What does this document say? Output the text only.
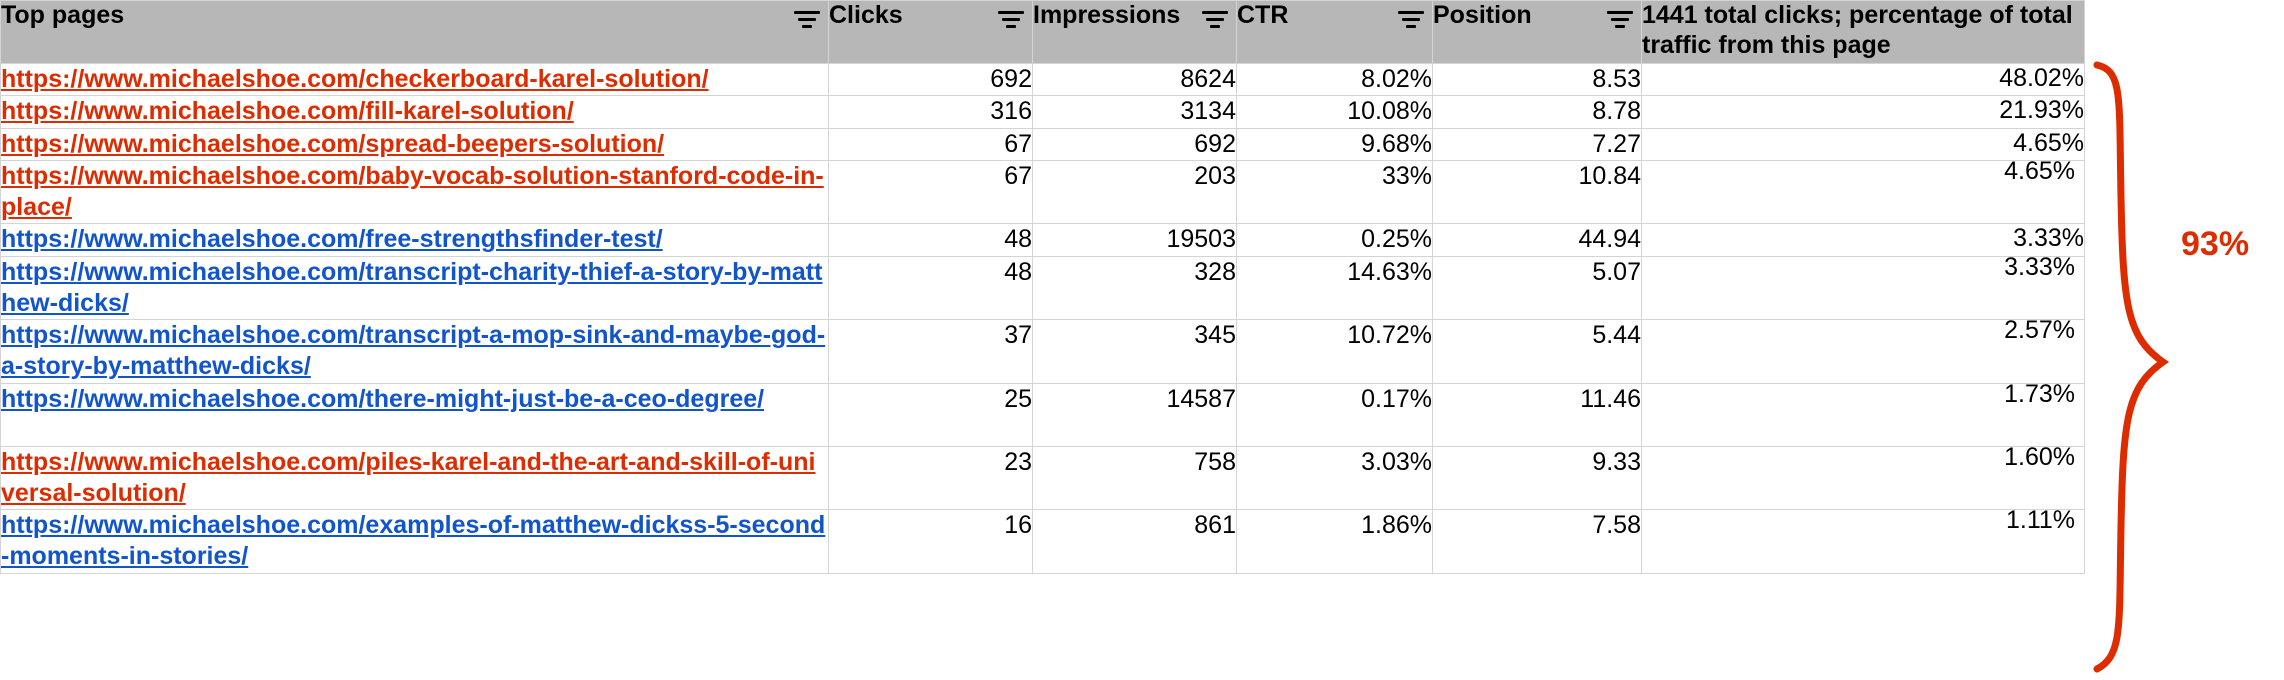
Top pages	Clicks	Impressions	CTR	Position	1441 total clicks; percentage of total traffic from this page
https://www.michaelshoe.com/checkerboard-karel-solution/	692	8624	8.02%	8.53	48.02%

https://www.michaelshoe.com/fill-karel-solution/	316	3134	10.08%	8.78	21.93%

https://www.michaelshoe.com/spread-beepers-solution/	67	692	9.68%	7.27	4.65%

https://www.michaelshoe.com/baby-vocab-solution-stanford-code-in-place/	67	203	33%	10.84	4.65%

https://www.michaelshoe.com/free-strengthsfinder-test/	48	19503	0.25%	44.94	3.33%

https://www.michaelshoe.com/transcript-charity-thief-a-story-by-matthew-dicks/	48	328	14.63%	5.07	3.33%

https://www.michaelshoe.com/transcript-a-mop-sink-and-maybe-god-a-story-by-matthew-dicks/	37	345	10.72%	5.44	2.57%

https://www.michaelshoe.com/there-might-just-be-a-ceo-degree/	25	14587	0.17%	11.46	1.73%

https://www.michaelshoe.com/piles-karel-and-the-art-and-skill-of-universal-solution/	23	758	3.03%	9.33	1.60%

https://www.michaelshoe.com/examples-of-matthew-dickss-5-second-moments-in-stories/	16	861	1.86%	7.58	1.11%
93%
